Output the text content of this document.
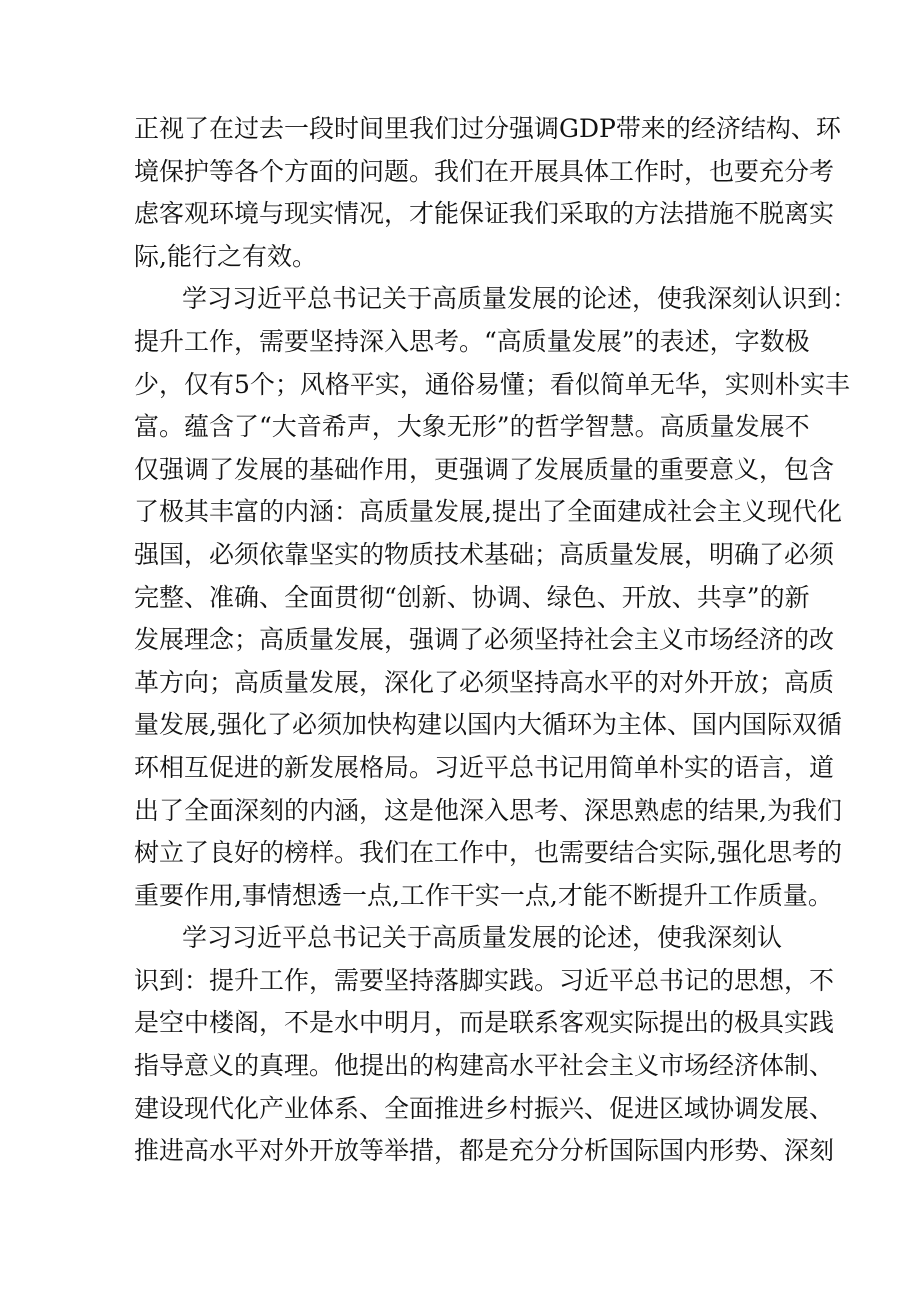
正视了在过去一段时间里我们过分强调GDP带来的经济结构、环
境保护等各个方面的问题。我们在开展具体工作时，也要充分考
虑客观环境与现实情况，才能保证我们采取的方法措施不脱离实
际,能行之有效。
学习习近平总书记关于高质量发展的论述，使我深刻认识到：
提升工作，需要坚持深入思考。“高质量发展”的表述，字数极
少，仅有5个；风格平实，通俗易懂；看似简单无华，实则朴实丰
富。蕴含了“大音希声，大象无形”的哲学智慧。高质量发展不
仅强调了发展的基础作用，更强调了发展质量的重要意义，包含
了极其丰富的内涵：高质量发展,提出了全面建成社会主义现代化
强国，必须依靠坚实的物质技术基础；高质量发展，明确了必须
完整、准确、全面贯彻“创新、协调、绿色、开放、共享”的新
发展理念；高质量发展，强调了必须坚持社会主义市场经济的改
革方向；高质量发展，深化了必须坚持高水平的对外开放；高质
量发展,强化了必须加快构建以国内大循环为主体、国内国际双循
环相互促进的新发展格局。习近平总书记用简单朴实的语言，道
出了全面深刻的内涵，这是他深入思考、深思熟虑的结果,为我们
树立了良好的榜样。我们在工作中，也需要结合实际,强化思考的
重要作用,事情想透一点,工作干实一点,才能不断提升工作质量。
学习习近平总书记关于高质量发展的论述，使我深刻认
识到：提升工作，需要坚持落脚实践。习近平总书记的思想，不
是空中楼阁，不是水中明月，而是联系客观实际提出的极具实践
指导意义的真理。他提出的构建高水平社会主义市场经济体制、
建设现代化产业体系、全面推进乡村振兴、促进区域协调发展、
推进高水平对外开放等举措，都是充分分析国际国内形势、深刻
